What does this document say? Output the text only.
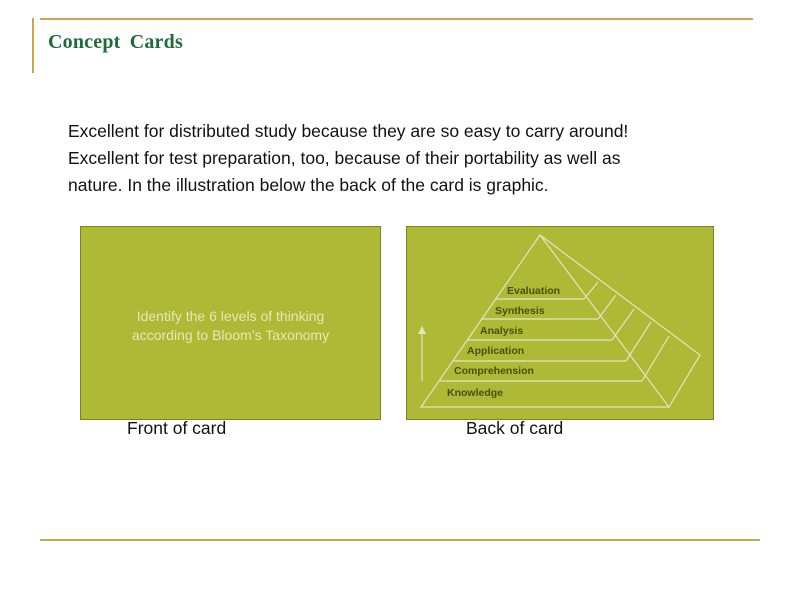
Concept Cards
Excellent for distributed study because they are so easy to carry around!
Excellent for test preparation, too, because of their portability as well as
nature. In the illustration below the back of the card is graphic.
Identify the 6 levels of thinking
according to Bloom’s Taxonomy
Evaluation
Synthesis
Analysis
Application
Comprehension
Knowledge
Front of card	Back of card
